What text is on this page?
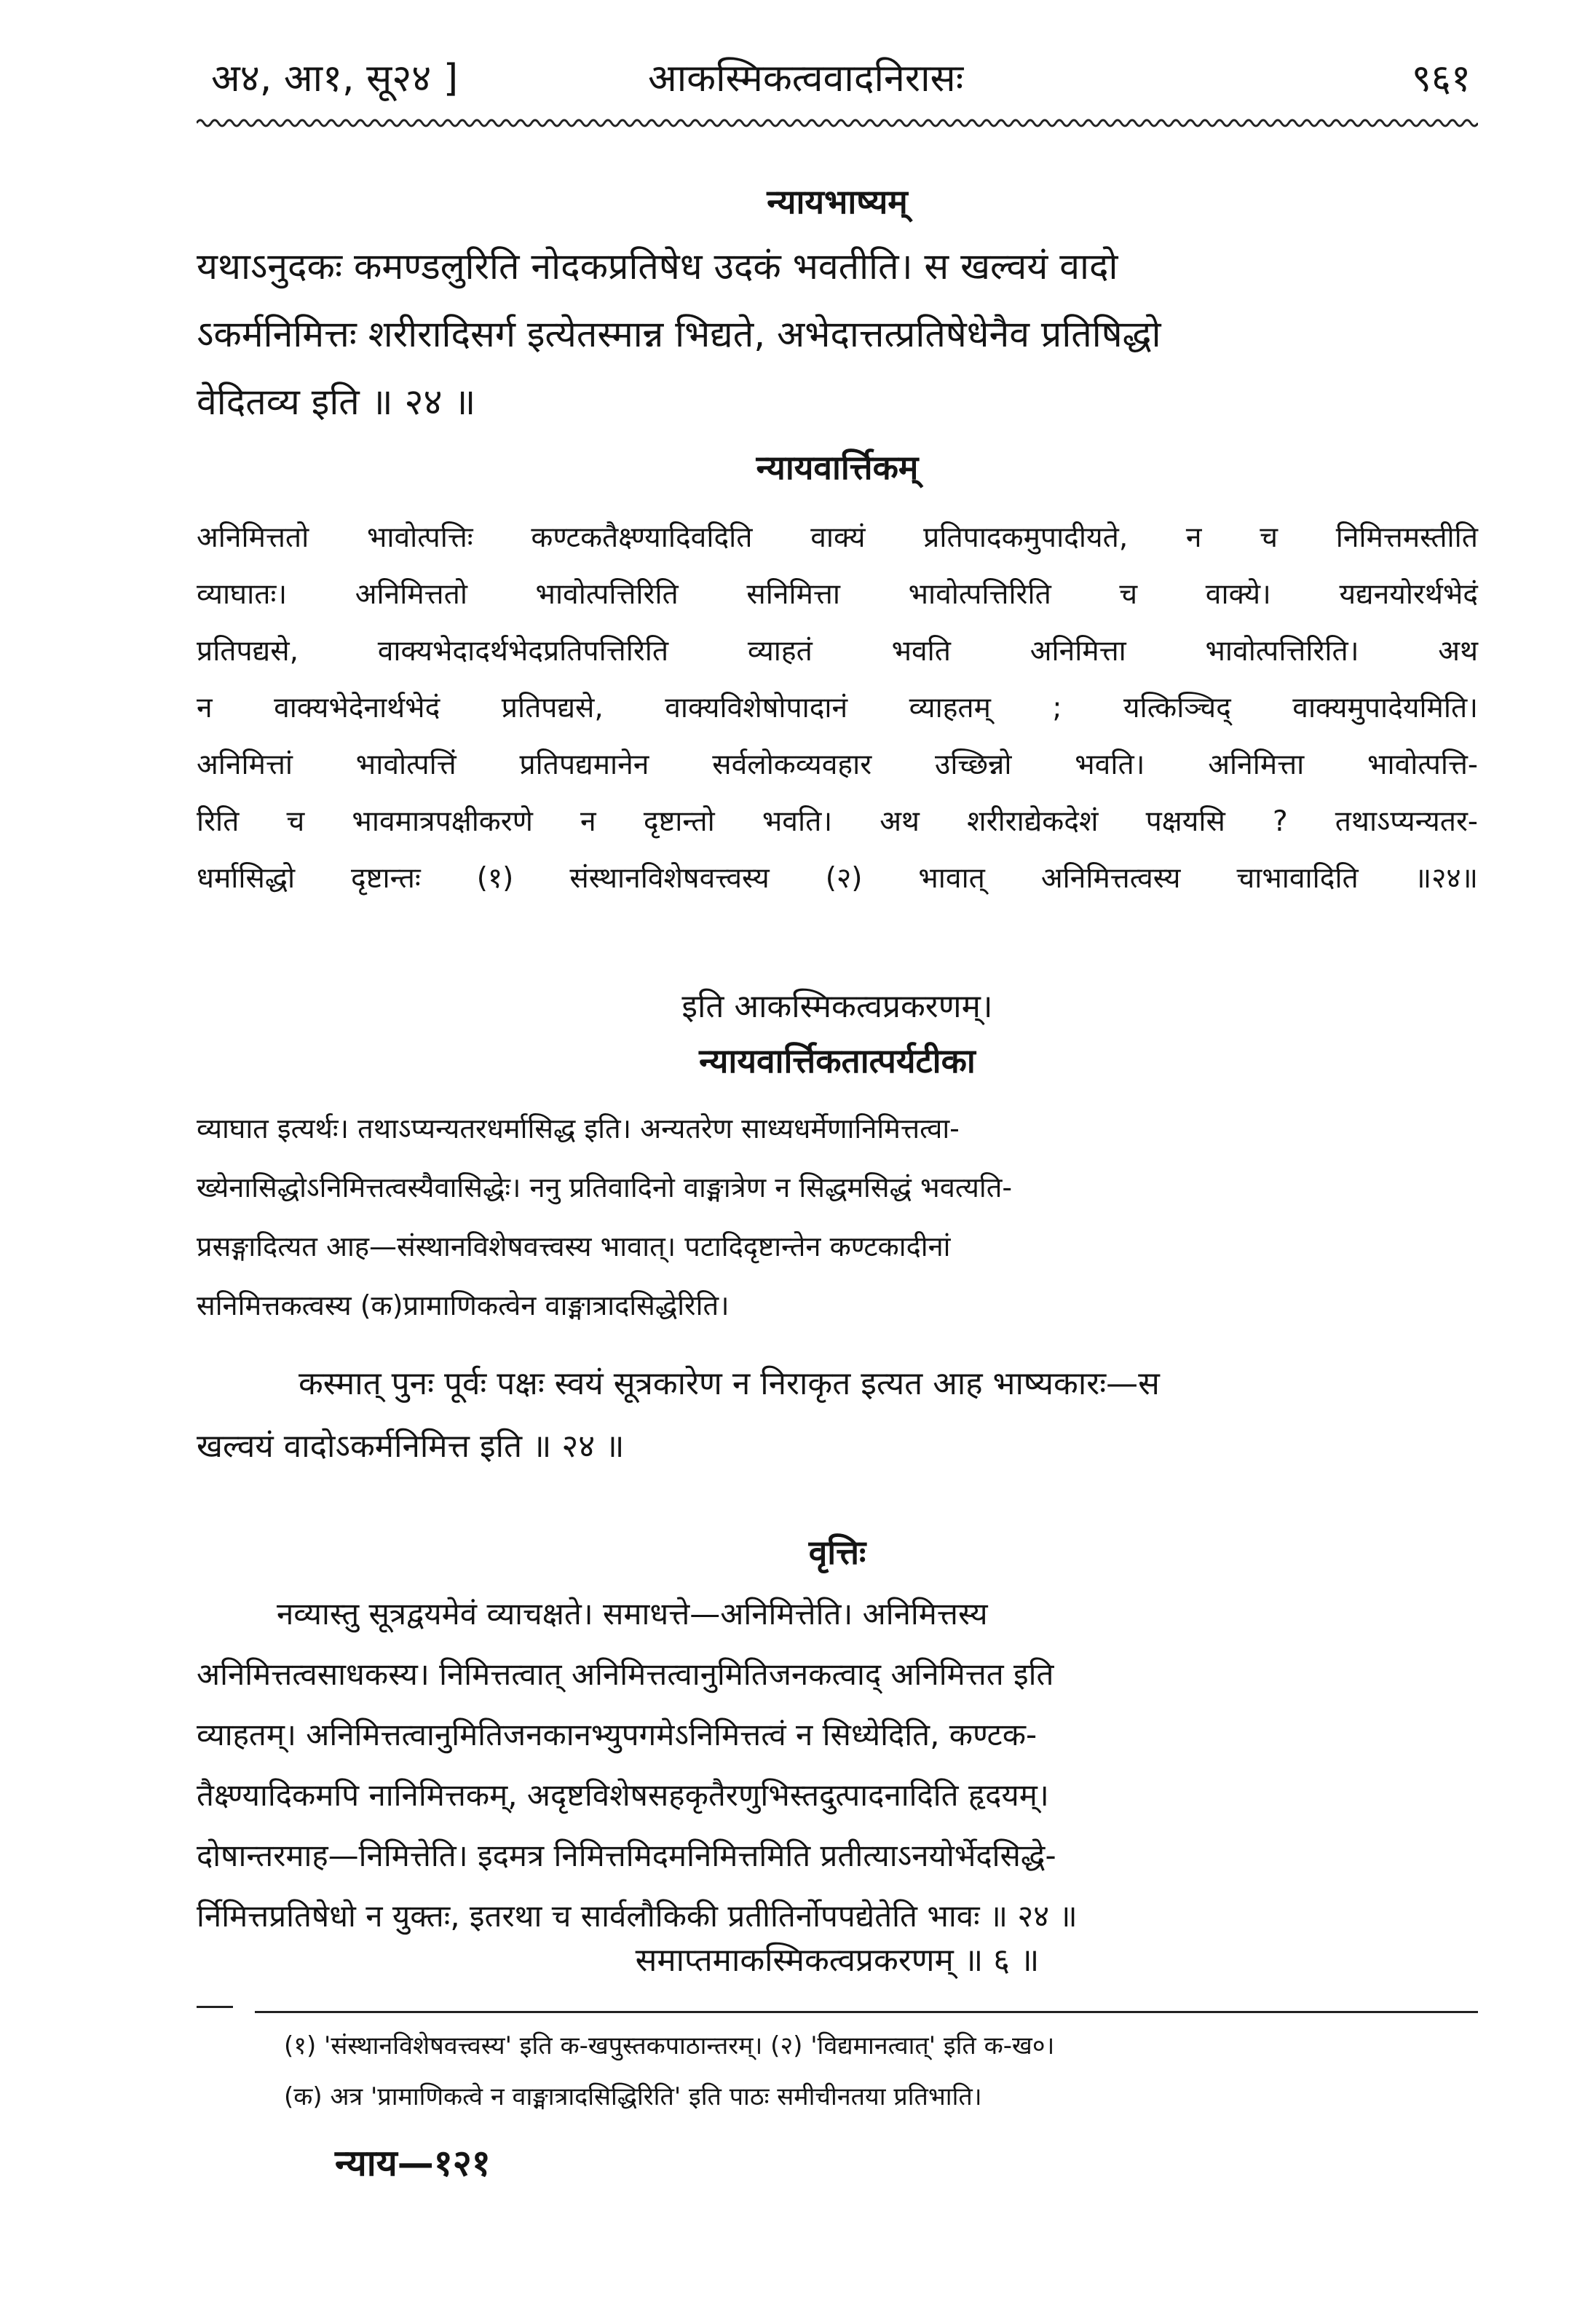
अ४, आ१, सू२४ ]	आकस्मिकत्ववादनिरासः	९६१
न्यायभाष्यम्
यथाऽनुदकः कमण्डलुरिति नोदकप्रतिषेध उदकं भवतीति। स खल्वयं वादो
ऽकर्मनिमित्तः शरीरादिसर्ग इत्येतस्मान्न भिद्यते, अभेदात्तत्प्रतिषेधेनैव प्रतिषिद्धो
वेदितव्य इति ॥ २४ ॥
न्यायवार्त्तिकम्
अनिमित्ततो भावोत्पत्तिः कण्टकतैक्ष्ण्यादिवदिति वाक्यं प्रतिपादकमुपादीयते, न च निमित्तमस्तीति
व्याघातः। अनिमित्ततो भावोत्पत्तिरिति सनिमित्ता भावोत्पत्तिरिति च वाक्ये। यद्यनयोरर्थभेदं
प्रतिपद्यसे, वाक्यभेदादर्थभेदप्रतिपत्तिरिति व्याहतं भवति अनिमित्ता भावोत्पत्तिरिति। अथ
न वाक्यभेदेनार्थभेदं प्रतिपद्यसे, वाक्यविशेषोपादानं व्याहतम् ; यत्किञ्चिद् वाक्यमुपादेयमिति।
अनिमित्तां भावोत्पत्तिं प्रतिपद्यमानेन सर्वलोकव्यवहार उच्छिन्नो भवति। अनिमित्ता भावोत्पत्ति-
रिति च भावमात्रपक्षीकरणे न दृष्टान्तो भवति। अथ शरीराद्येकदेशं पक्षयसि ? तथाऽप्यन्यतर-
धर्मासिद्धो दृष्टान्तः (१) संस्थानविशेषवत्त्वस्य (२) भावात् अनिमित्तत्वस्य चाभावादिति ॥२४॥
इति आकस्मिकत्वप्रकरणम्।
न्यायवार्त्तिकतात्पर्यटीका
व्याघात इत्यर्थः। तथाऽप्यन्यतरधर्मासिद्ध इति। अन्यतरेण साध्यधर्मेणानिमित्तत्वा-
ख्येनासिद्धोऽनिमित्तत्वस्यैवासिद्धेः। ननु प्रतिवादिनो वाङ्मात्रेण न सिद्धमसिद्धं भवत्यति-
प्रसङ्गादित्यत आह—संस्थानविशेषवत्त्वस्य भावात्। पटादिदृष्टान्तेन कण्टकादीनां
सनिमित्तकत्वस्य (क)प्रामाणिकत्वेन वाङ्मात्रादसिद्धेरिति।
कस्मात् पुनः पूर्वः पक्षः स्वयं सूत्रकारेण न निराकृत इत्यत आह भाष्यकारः—स
खल्वयं वादोऽकर्मनिमित्त इति ॥ २४ ॥
वृत्तिः
नव्यास्तु सूत्रद्वयमेवं व्याचक्षते। समाधत्ते—अनिमित्तेति। अनिमित्तस्य
अनिमित्तत्वसाधकस्य। निमित्तत्वात् अनिमित्तत्वानुमितिजनकत्वाद् अनिमित्तत इति
व्याहतम्। अनिमित्तत्वानुमितिजनकानभ्युपगमेऽनिमित्तत्वं न सिध्येदिति, कण्टक-
तैक्ष्ण्यादिकमपि नानिमित्तकम्, अदृष्टविशेषसहकृतैरणुभिस्तदुत्पादनादिति हृदयम्।
दोषान्तरमाह—निमित्तेति। इदमत्र निमित्तमिदमनिमित्तमिति प्रतीत्याऽनयोर्भेदसिद्धे-
र्निमित्तप्रतिषेधो न युक्तः, इतरथा च सार्वलौकिकी प्रतीतिर्नोपपद्येतेति भावः ॥ २४ ॥
समाप्तमाकस्मिकत्वप्रकरणम् ॥ ६ ॥
(१) 'संस्थानविशेषवत्त्वस्य' इति क-खपुस्तकपाठान्तरम्। (२) 'विद्यमानत्वात्' इति क-ख०।
(क) अत्र 'प्रामाणिकत्वे न वाङ्मात्रादसिद्धिरिति' इति पाठः समीचीनतया प्रतिभाति।
न्याय—१२१
